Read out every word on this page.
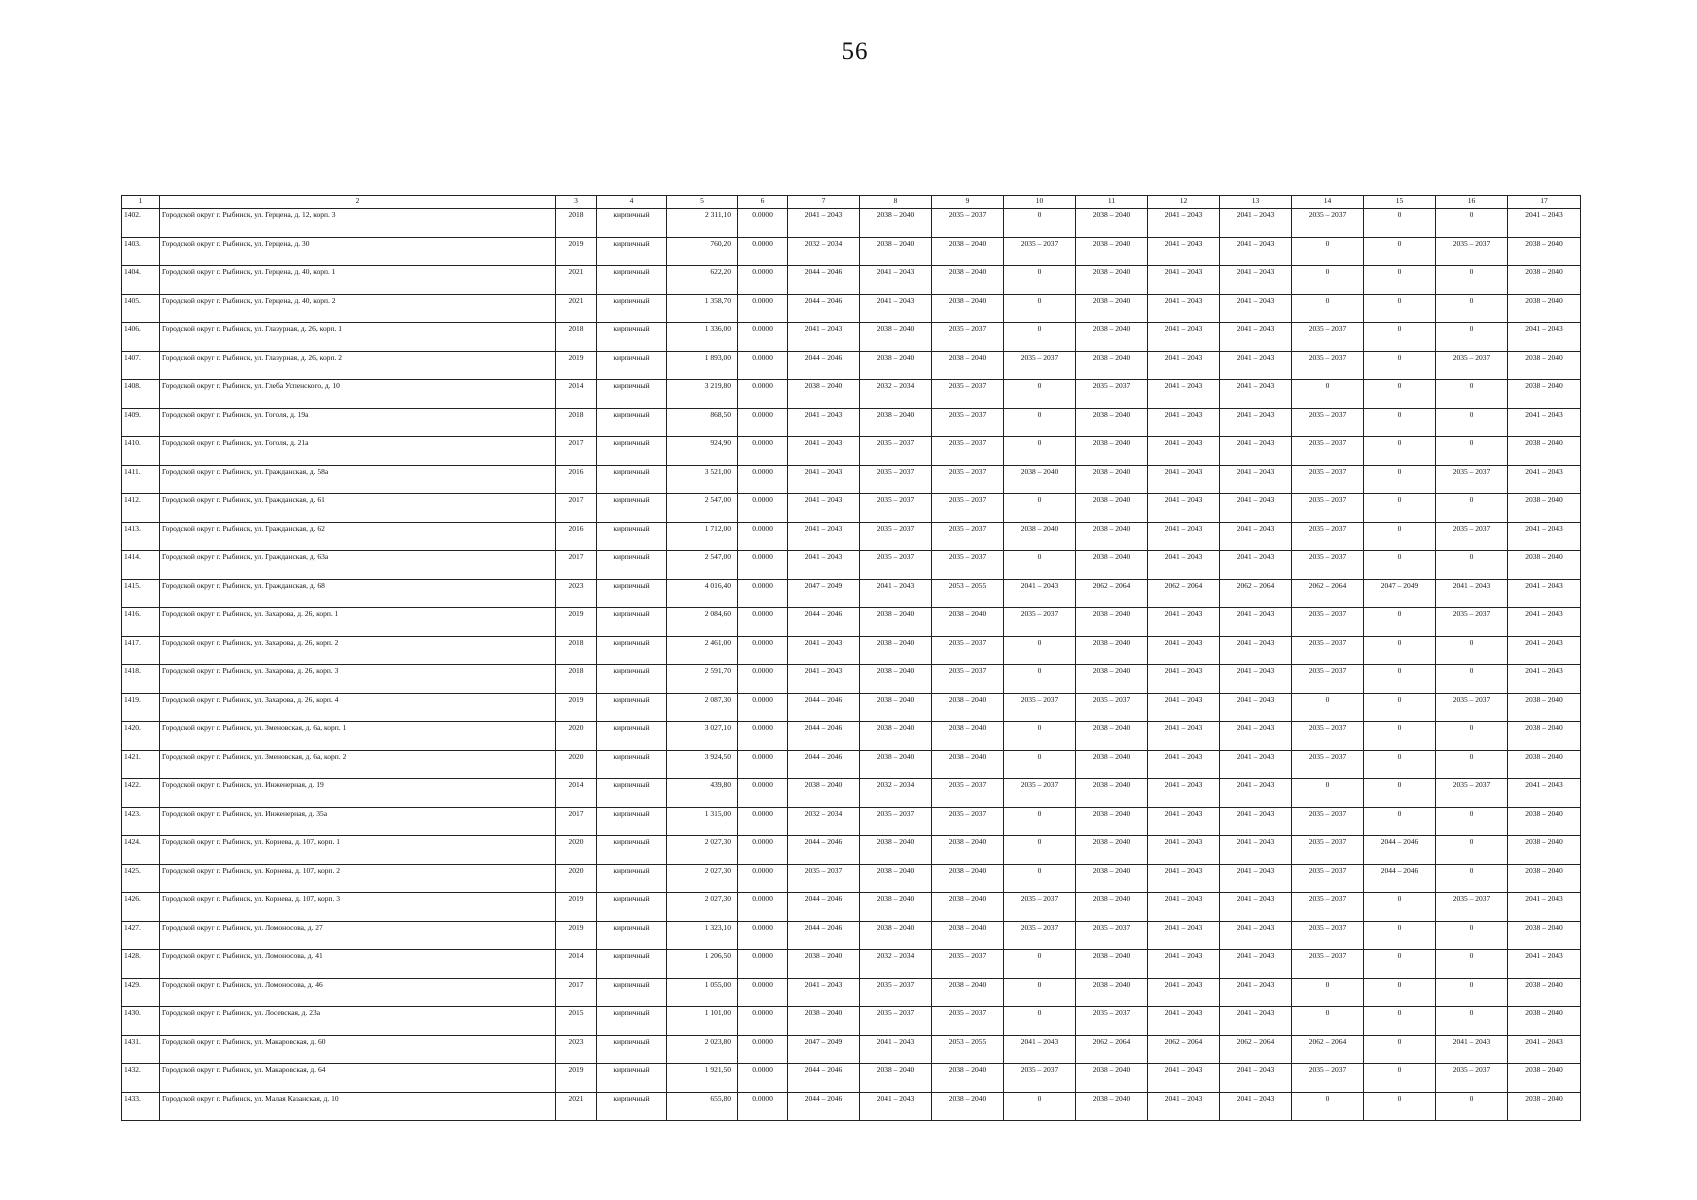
56
1	2	3	4	5	6	7	8	9	10	11	12	13	14	15	16	17
1402.	Городской округ г. Рыбинск, ул. Герцена, д. 12, корп. 3	2018	кирпичный	2 311,10	0.0000	2041 – 2043	2038 – 2040	2035 – 2037	0	2038 – 2040	2041 – 2043	2041 – 2043	2035 – 2037	0	0	2041 – 2043
1403.	Городской округ г. Рыбинск, ул. Герцена, д. 30	2019	кирпичный	760,20	0.0000	2032 – 2034	2038 – 2040	2038 – 2040	2035 – 2037	2038 – 2040	2041 – 2043	2041 – 2043	0	0	2035 – 2037	2038 – 2040
1404.	Городской округ г. Рыбинск, ул. Герцена, д. 40, корп. 1	2021	кирпичный	622,20	0.0000	2044 – 2046	2041 – 2043	2038 – 2040	0	2038 – 2040	2041 – 2043	2041 – 2043	0	0	0	2038 – 2040
1405.	Городской округ г. Рыбинск, ул. Герцена, д. 40, корп. 2	2021	кирпичный	1 358,70	0.0000	2044 – 2046	2041 – 2043	2038 – 2040	0	2038 – 2040	2041 – 2043	2041 – 2043	0	0	0	2038 – 2040
1406.	Городской округ г. Рыбинск, ул. Глазурная, д. 26, корп. 1	2018	кирпичный	1 336,00	0.0000	2041 – 2043	2038 – 2040	2035 – 2037	0	2038 – 2040	2041 – 2043	2041 – 2043	2035 – 2037	0	0	2041 – 2043
1407.	Городской округ г. Рыбинск, ул. Глазурная, д. 26, корп. 2	2019	кирпичный	1 893,00	0.0000	2044 – 2046	2038 – 2040	2038 – 2040	2035 – 2037	2038 – 2040	2041 – 2043	2041 – 2043	2035 – 2037	0	2035 – 2037	2038 – 2040
1408.	Городской округ г. Рыбинск, ул. Глеба Успенского, д. 10	2014	кирпичный	3 219,80	0.0000	2038 – 2040	2032 – 2034	2035 – 2037	0	2035 – 2037	2041 – 2043	2041 – 2043	0	0	0	2038 – 2040
1409.	Городской округ г. Рыбинск, ул. Гоголя, д. 19а	2018	кирпичный	868,50	0.0000	2041 – 2043	2038 – 2040	2035 – 2037	0	2038 – 2040	2041 – 2043	2041 – 2043	2035 – 2037	0	0	2041 – 2043
1410.	Городской округ г. Рыбинск, ул. Гоголя, д. 21а	2017	кирпичный	924,90	0.0000	2041 – 2043	2035 – 2037	2035 – 2037	0	2038 – 2040	2041 – 2043	2041 – 2043	2035 – 2037	0	0	2038 – 2040
1411.	Городской округ г. Рыбинск, ул. Гражданская, д. 58а	2016	кирпичный	3 521,00	0.0000	2041 – 2043	2035 – 2037	2035 – 2037	2038 – 2040	2038 – 2040	2041 – 2043	2041 – 2043	2035 – 2037	0	2035 – 2037	2041 – 2043
1412.	Городской округ г. Рыбинск, ул. Гражданская, д. 61	2017	кирпичный	2 547,00	0.0000	2041 – 2043	2035 – 2037	2035 – 2037	0	2038 – 2040	2041 – 2043	2041 – 2043	2035 – 2037	0	0	2038 – 2040
1413.	Городской округ г. Рыбинск, ул. Гражданская, д. 62	2016	кирпичный	1 712,00	0.0000	2041 – 2043	2035 – 2037	2035 – 2037	2038 – 2040	2038 – 2040	2041 – 2043	2041 – 2043	2035 – 2037	0	2035 – 2037	2041 – 2043
1414.	Городской округ г. Рыбинск, ул. Гражданская, д. 63а	2017	кирпичный	2 547,00	0.0000	2041 – 2043	2035 – 2037	2035 – 2037	0	2038 – 2040	2041 – 2043	2041 – 2043	2035 – 2037	0	0	2038 – 2040
1415.	Городской округ г. Рыбинск, ул. Гражданская, д. 68	2023	кирпичный	4 016,40	0.0000	2047 – 2049	2041 – 2043	2053 – 2055	2041 – 2043	2062 – 2064	2062 – 2064	2062 – 2064	2062 – 2064	2047 – 2049	2041 – 2043	2041 – 2043
1416.	Городской округ г. Рыбинск, ул. Захарова, д. 26, корп. 1	2019	кирпичный	2 084,60	0.0000	2044 – 2046	2038 – 2040	2038 – 2040	2035 – 2037	2038 – 2040	2041 – 2043	2041 – 2043	2035 – 2037	0	2035 – 2037	2041 – 2043
1417.	Городской округ г. Рыбинск, ул. Захарова, д. 26, корп. 2	2018	кирпичный	2 461,00	0.0000	2041 – 2043	2038 – 2040	2035 – 2037	0	2038 – 2040	2041 – 2043	2041 – 2043	2035 – 2037	0	0	2041 – 2043
1418.	Городской округ г. Рыбинск, ул. Захарова, д. 26, корп. 3	2018	кирпичный	2 591,70	0.0000	2041 – 2043	2038 – 2040	2035 – 2037	0	2038 – 2040	2041 – 2043	2041 – 2043	2035 – 2037	0	0	2041 – 2043
1419.	Городской округ г. Рыбинск, ул. Захарова, д. 26, корп. 4	2019	кирпичный	2 087,30	0.0000	2044 – 2046	2038 – 2040	2038 – 2040	2035 – 2037	2035 – 2037	2041 – 2043	2041 – 2043	0	0	2035 – 2037	2038 – 2040
1420.	Городской округ г. Рыбинск, ул. Зменовская, д. 6а, корп. 1	2020	кирпичный	3 027,10	0.0000	2044 – 2046	2038 – 2040	2038 – 2040	0	2038 – 2040	2041 – 2043	2041 – 2043	2035 – 2037	0	0	2038 – 2040
1421.	Городской округ г. Рыбинск, ул. Зменовская, д. 6а, корп. 2	2020	кирпичный	3 924,50	0.0000	2044 – 2046	2038 – 2040	2038 – 2040	0	2038 – 2040	2041 – 2043	2041 – 2043	2035 – 2037	0	0	2038 – 2040
1422.	Городской округ г. Рыбинск, ул. Инженерная, д. 19	2014	кирпичный	439,80	0.0000	2038 – 2040	2032 – 2034	2035 – 2037	2035 – 2037	2038 – 2040	2041 – 2043	2041 – 2043	0	0	2035 – 2037	2041 – 2043
1423.	Городской округ г. Рыбинск, ул. Инженерная, д. 35а	2017	кирпичный	1 315,00	0.0000	2032 – 2034	2035 – 2037	2035 – 2037	0	2038 – 2040	2041 – 2043	2041 – 2043	2035 – 2037	0	0	2038 – 2040
1424.	Городской округ г. Рыбинск, ул. Корнева, д. 107, корп. 1	2020	кирпичный	2 027,30	0.0000	2044 – 2046	2038 – 2040	2038 – 2040	0	2038 – 2040	2041 – 2043	2041 – 2043	2035 – 2037	2044 – 2046	0	2038 – 2040
1425.	Городской округ г. Рыбинск, ул. Корнева, д. 107, корп. 2	2020	кирпичный	2 027,30	0.0000	2035 – 2037	2038 – 2040	2038 – 2040	0	2038 – 2040	2041 – 2043	2041 – 2043	2035 – 2037	2044 – 2046	0	2038 – 2040
1426.	Городской округ г. Рыбинск, ул. Корнева, д. 107, корп. 3	2019	кирпичный	2 027,30	0.0000	2044 – 2046	2038 – 2040	2038 – 2040	2035 – 2037	2038 – 2040	2041 – 2043	2041 – 2043	2035 – 2037	0	2035 – 2037	2041 – 2043
1427.	Городской округ г. Рыбинск, ул. Ломоносова, д. 27	2019	кирпичный	1 323,10	0.0000	2044 – 2046	2038 – 2040	2038 – 2040	2035 – 2037	2035 – 2037	2041 – 2043	2041 – 2043	2035 – 2037	0	0	2038 – 2040
1428.	Городской округ г. Рыбинск, ул. Ломоносова, д. 41	2014	кирпичный	1 206,50	0.0000	2038 – 2040	2032 – 2034	2035 – 2037	0	2038 – 2040	2041 – 2043	2041 – 2043	2035 – 2037	0	0	2041 – 2043
1429.	Городской округ г. Рыбинск, ул. Ломоносова, д. 46	2017	кирпичный	1 055,00	0.0000	2041 – 2043	2035 – 2037	2038 – 2040	0	2038 – 2040	2041 – 2043	2041 – 2043	0	0	0	2038 – 2040
1430.	Городской округ г. Рыбинск, ул. Лосевская, д. 23а	2015	кирпичный	1 101,00	0.0000	2038 – 2040	2035 – 2037	2035 – 2037	0	2035 – 2037	2041 – 2043	2041 – 2043	0	0	0	2038 – 2040
1431.	Городской округ г. Рыбинск, ул. Макаровская, д. 60	2023	кирпичный	2 023,80	0.0000	2047 – 2049	2041 – 2043	2053 – 2055	2041 – 2043	2062 – 2064	2062 – 2064	2062 – 2064	2062 – 2064	0	2041 – 2043	2041 – 2043
1432.	Городской округ г. Рыбинск, ул. Макаровская, д. 64	2019	кирпичный	1 921,50	0.0000	2044 – 2046	2038 – 2040	2038 – 2040	2035 – 2037	2038 – 2040	2041 – 2043	2041 – 2043	2035 – 2037	0	2035 – 2037	2038 – 2040
1433.	Городской округ г. Рыбинск, ул. Малая Казанская, д. 10	2021	кирпичный	655,80	0.0000	2044 – 2046	2041 – 2043	2038 – 2040	0	2038 – 2040	2041 – 2043	2041 – 2043	0	0	0	2038 – 2040
